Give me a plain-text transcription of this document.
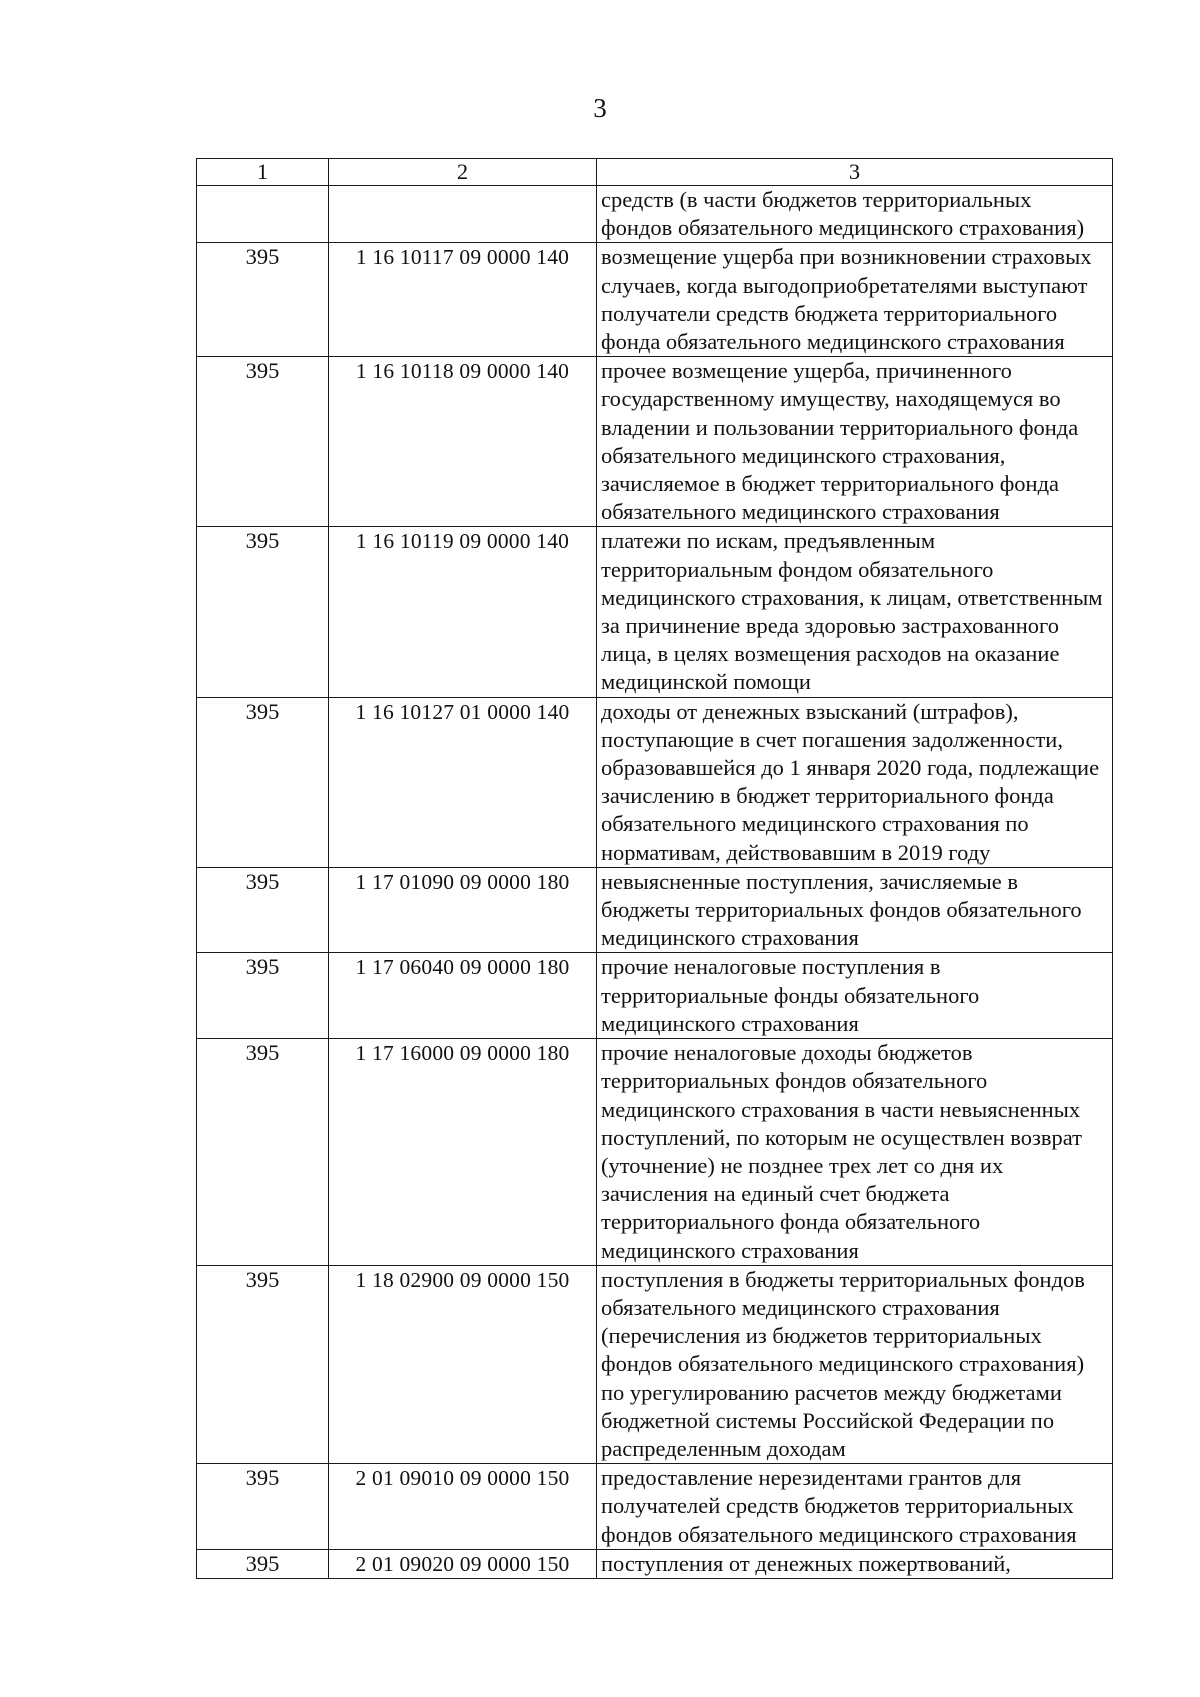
3
1	2	3
		средств (в части бюджетов территориальных фондов обязательного медицинского страхования)
395	1 16 10117 09 0000 140	возмещение ущерба при возникновении страховых случаев, когда выгодоприобретателями выступают получатели средств бюджета территориального фонда обязательного медицинского страхования
395	1 16 10118 09 0000 140	прочее возмещение ущерба, причиненного государственному имуществу, находящемуся во владении и пользовании территориального фонда обязательного медицинского страхования, зачисляемое в бюджет территориального фонда обязательного медицинского страхования
395	1 16 10119 09 0000 140	платежи по искам, предъявленным территориальным фондом обязательного медицинского страхования, к лицам, ответственным за причинение вреда здоровью застрахованного лица, в целях возмещения расходов на оказание медицинской помощи
395	1 16 10127 01 0000 140	доходы от денежных взысканий (штрафов), поступающие в счет погашения задолженности, образовавшейся до 1 января 2020 года, подлежащие зачислению в бюджет территориального фонда обязательного медицинского страхования по нормативам, действовавшим в 2019 году
395	1 17 01090 09 0000 180	невыясненные поступления, зачисляемые в бюджеты территориальных фондов обязательного медицинского страхования
395	1 17 06040 09 0000 180	прочие неналоговые поступления в территориальные фонды обязательного медицинского страхования
395	1 17 16000 09 0000 180	прочие неналоговые доходы бюджетов территориальных фондов обязательного медицинского страхования в части невыясненных поступлений, по которым не осуществлен возврат (уточнение) не позднее трех лет со дня их зачисления на единый счет бюджета территориального фонда обязательного медицинского страхования
395	1 18 02900 09 0000 150	поступления в бюджеты территориальных фондов обязательного медицинского страхования (перечисления из бюджетов территориальных фондов обязательного медицинского страхования) по урегулированию расчетов между бюджетами бюджетной системы Российской Федерации по распределенным доходам
395	2 01 09010 09 0000 150	предоставление нерезидентами грантов для получателей средств бюджетов территориальных фондов обязательного медицинского страхования
395	2 01 09020 09 0000 150	поступления от денежных пожертвований,
